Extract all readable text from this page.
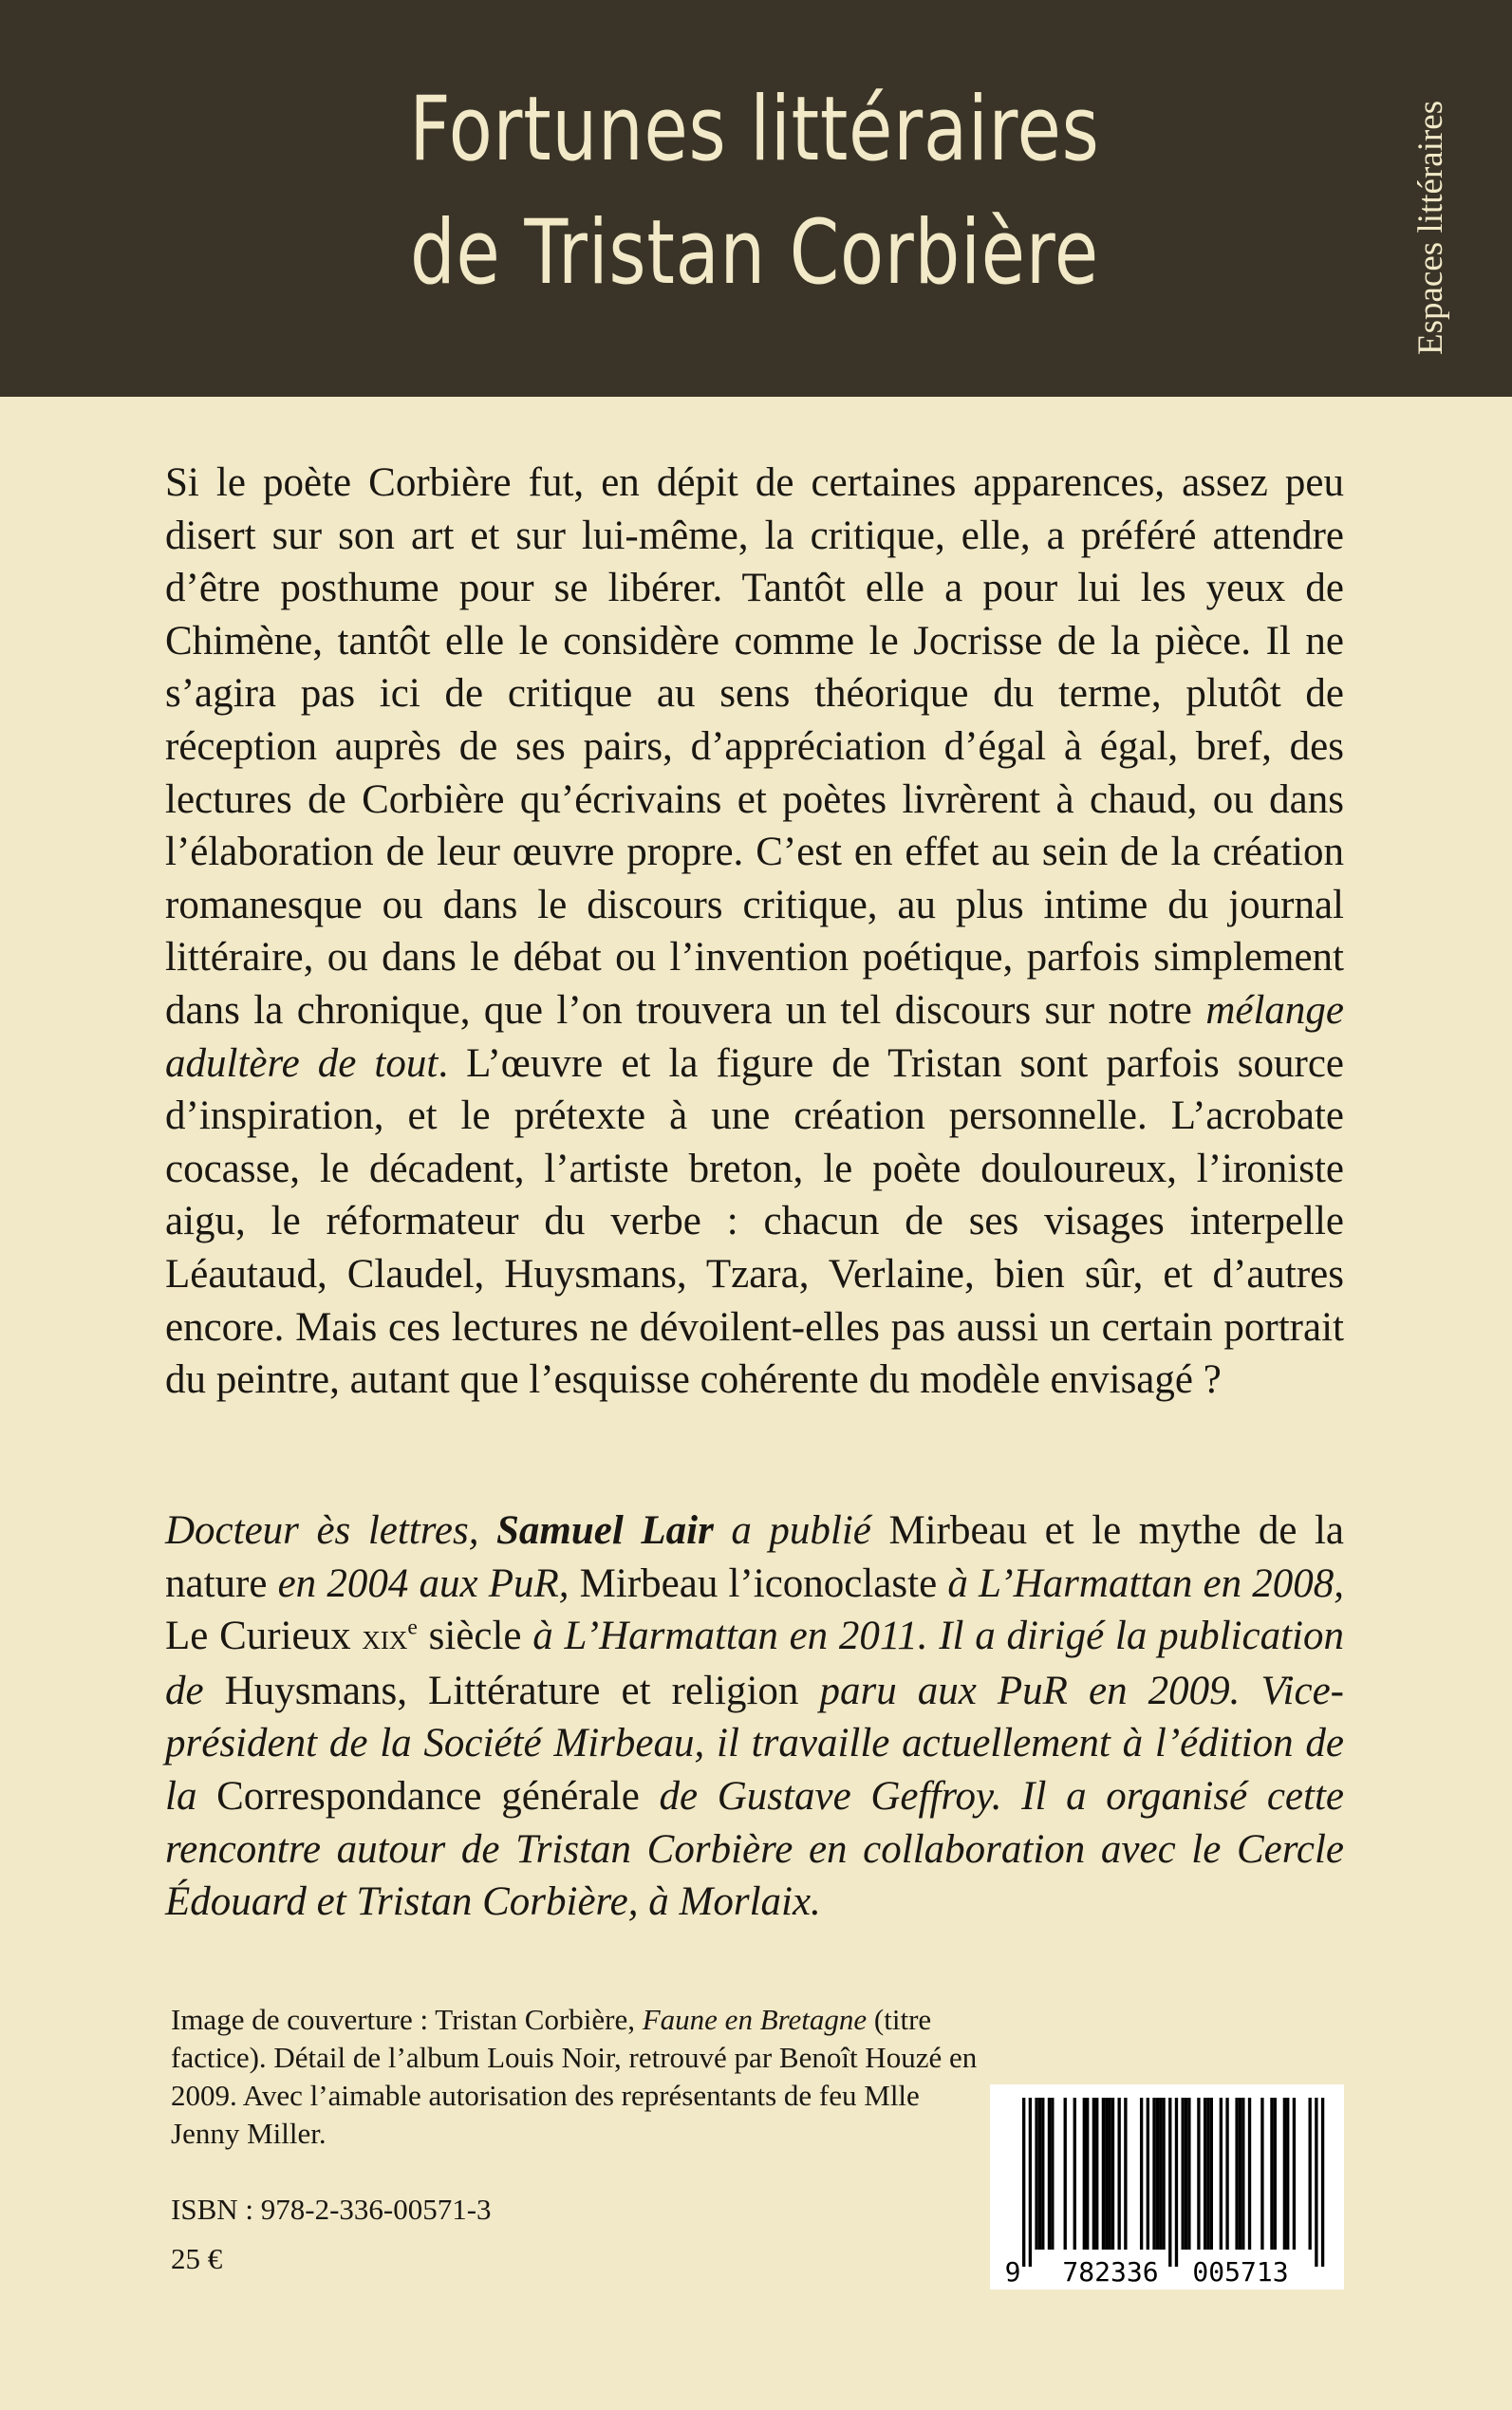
Fortunes littéraires
de Tristan Corbière	Espaces littéraires

Si le poète Corbière fut, en dépit de certaines apparences, assez peu disert sur son art et sur lui-même, la critique, elle, a préféré attendre d’être posthume pour se libérer. Tantôt elle a pour lui les yeux de Chimène, tantôt elle le considère comme le Jocrisse de la pièce. Il ne s’agira pas ici de critique au sens théorique du terme, plutôt de réception auprès de ses pairs, d’appréciation d’égal à égal, bref, des lectures de Corbière qu’écrivains et poètes livrèrent à chaud, ou dans l’élaboration de leur œuvre propre. C’est en effet au sein de la création romanesque ou dans le discours critique, au plus intime du journal littéraire, ou dans le débat ou l’invention poétique, parfois simplement dans la chronique, que l’on trouvera un tel discours sur notre mélange adultère de tout. L’œuvre et la figure de Tristan sont parfois source d’inspiration, et le prétexte à une création personnelle. L’acrobate cocasse, le décadent, l’artiste breton, le poète douloureux, l’ironiste aigu, le réformateur du verbe : chacun de ses visages interpelle Léautaud, Claudel, Huysmans, Tzara, Verlaine, bien sûr, et d’autres encore. Mais ces lectures ne dévoilent-elles pas aussi un certain portrait du peintre, autant que l’esquisse cohérente du modèle envisagé ?

Docteur ès lettres, Samuel Lair a publié Mirbeau et le mythe de la nature en 2004 aux PuR, Mirbeau l’iconoclaste à L’Harmattan en 2008, Le Curieux xix$^e$ siècle à L’Harmattan en 2011. Il a dirigé la publication de Huysmans, Littérature et religion paru aux PuR en 2009. Vice-président de la Société Mirbeau, il travaille actuellement à l’édition de la Correspondance générale de Gustave Geffroy. Il a organisé cette rencontre autour de Tristan Corbière en collaboration avec le Cercle Édouard et Tristan Corbière, à Morlaix.

Image de couverture : Tristan Corbière, Faune en Bretagne (titre factice). Détail de l’album Louis Noir, retrouvé par Benoît Houzé en 2009. Avec l’aimable autorisation des représentants de feu Mlle Jenny Miller.

ISBN : 978-2-336-00571-3
25 €	9 782336 005713
